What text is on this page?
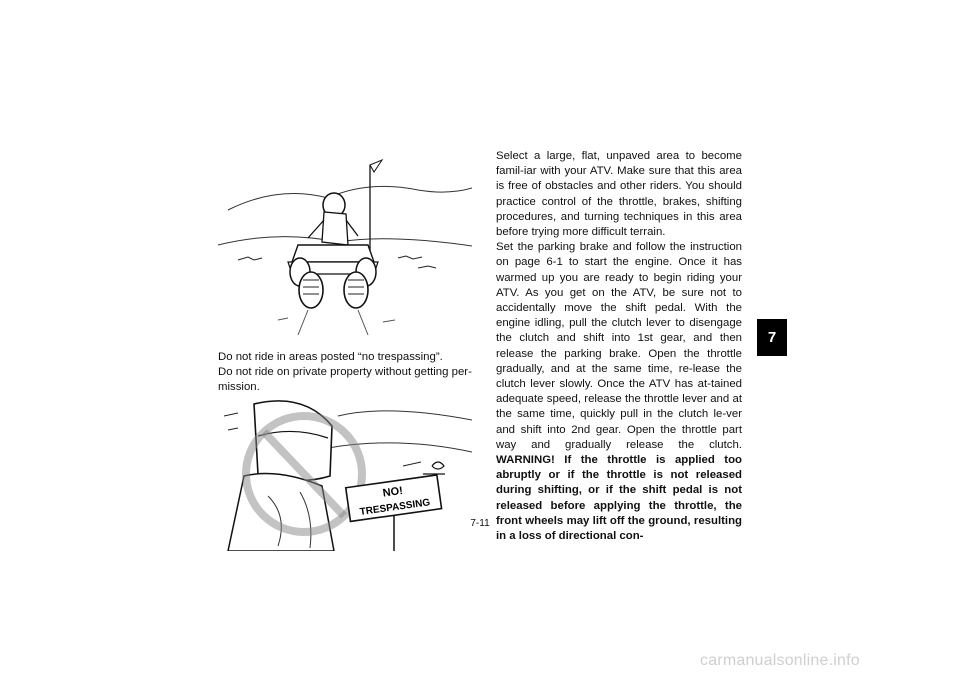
Do not ride in areas posted “no trespassing”.

Do not ride on private property without getting per-

mission.

NO!
TRESPASSING

Select a large, flat, unpaved area to become famil-iar with your ATV. Make sure that this area is free of obstacles and other riders. You should practice control of the throttle, brakes, shifting procedures, and turning techniques in this area before trying more difficult terrain.

Set the parking brake and follow the instruction on page 6-1 to start the engine. Once it has warmed up you are ready to begin riding your ATV. As you get on the ATV, be sure not to accidentally move the shift pedal. With the engine idling, pull the clutch lever to disengage the clutch and shift into 1st gear, and then release the parking brake. Open the throttle gradually, and at the same time, re-lease the clutch lever slowly. Once the ATV has at-tained adequate speed, release the throttle lever and at the same time, quickly pull in the clutch le-ver and shift into 2nd gear. Open the throttle part way and gradually release the clutch. WARNING! If the throttle is applied too abruptly or if the throttle is not released during shifting, or if the shift pedal is not released before applying the throttle, the front wheels may lift off the ground, resulting in a loss of directional con-

7-11
7
carmanualsonline.info
